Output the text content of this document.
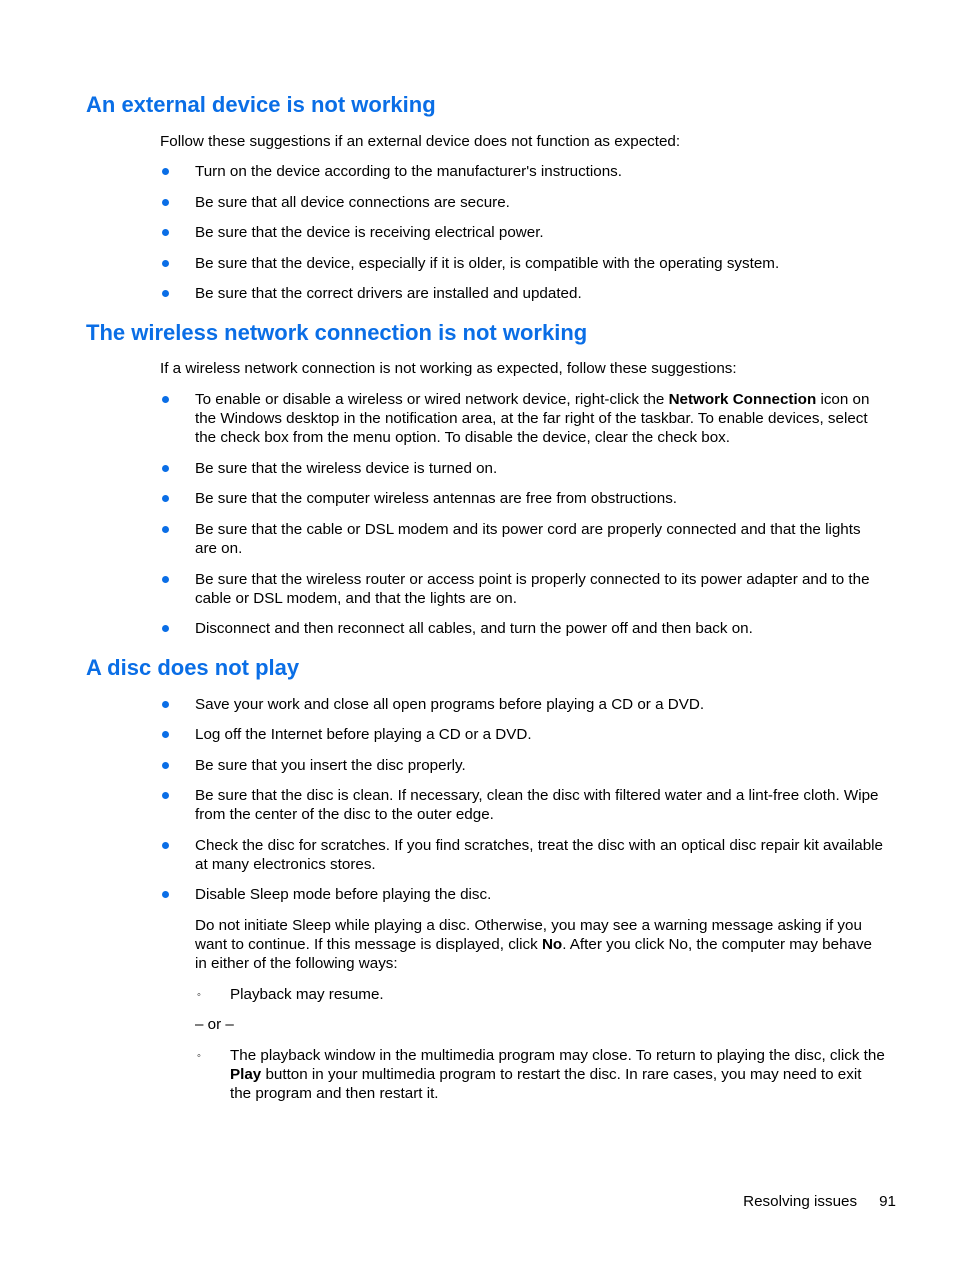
An external device is not working

Follow these suggestions if an external device does not function as expected:

Turn on the device according to the manufacturer's instructions.
Be sure that all device connections are secure.
Be sure that the device is receiving electrical power.
Be sure that the device, especially if it is older, is compatible with the operating system.
Be sure that the correct drivers are installed and updated.
The wireless network connection is not working

If a wireless network connection is not working as expected, follow these suggestions:

To enable or disable a wireless or wired network device, right-click the Network Connection icon on the Windows desktop in the notification area, at the far right of the taskbar. To enable devices, select the check box from the menu option. To disable the device, clear the check box.
Be sure that the wireless device is turned on.
Be sure that the computer wireless antennas are free from obstructions.
Be sure that the cable or DSL modem and its power cord are properly connected and that the lights are on.
Be sure that the wireless router or access point is properly connected to its power adapter and to the cable or DSL modem, and that the lights are on.
Disconnect and then reconnect all cables, and turn the power off and then back on.
A disc does not play
Save your work and close all open programs before playing a CD or a DVD.
Log off the Internet before playing a CD or a DVD.
Be sure that you insert the disc properly.
Be sure that the disc is clean. If necessary, clean the disc with filtered water and a lint-free cloth. Wipe from the center of the disc to the outer edge.
Check the disc for scratches. If you find scratches, treat the disc with an optical disc repair kit available at many electronics stores.
Disable Sleep mode before playing the disc.

Do not initiate Sleep while playing a disc. Otherwise, you may see a warning message asking if you want to continue. If this message is displayed, click No. After you click No, the computer may behave in either of the following ways:

◦ Playback may resume.

– or –

◦ The playback window in the multimedia program may close. To return to playing the disc, click the Play button in your multimedia program to restart the disc. In rare cases, you may need to exit the program and then restart it.
Resolving issues 91
